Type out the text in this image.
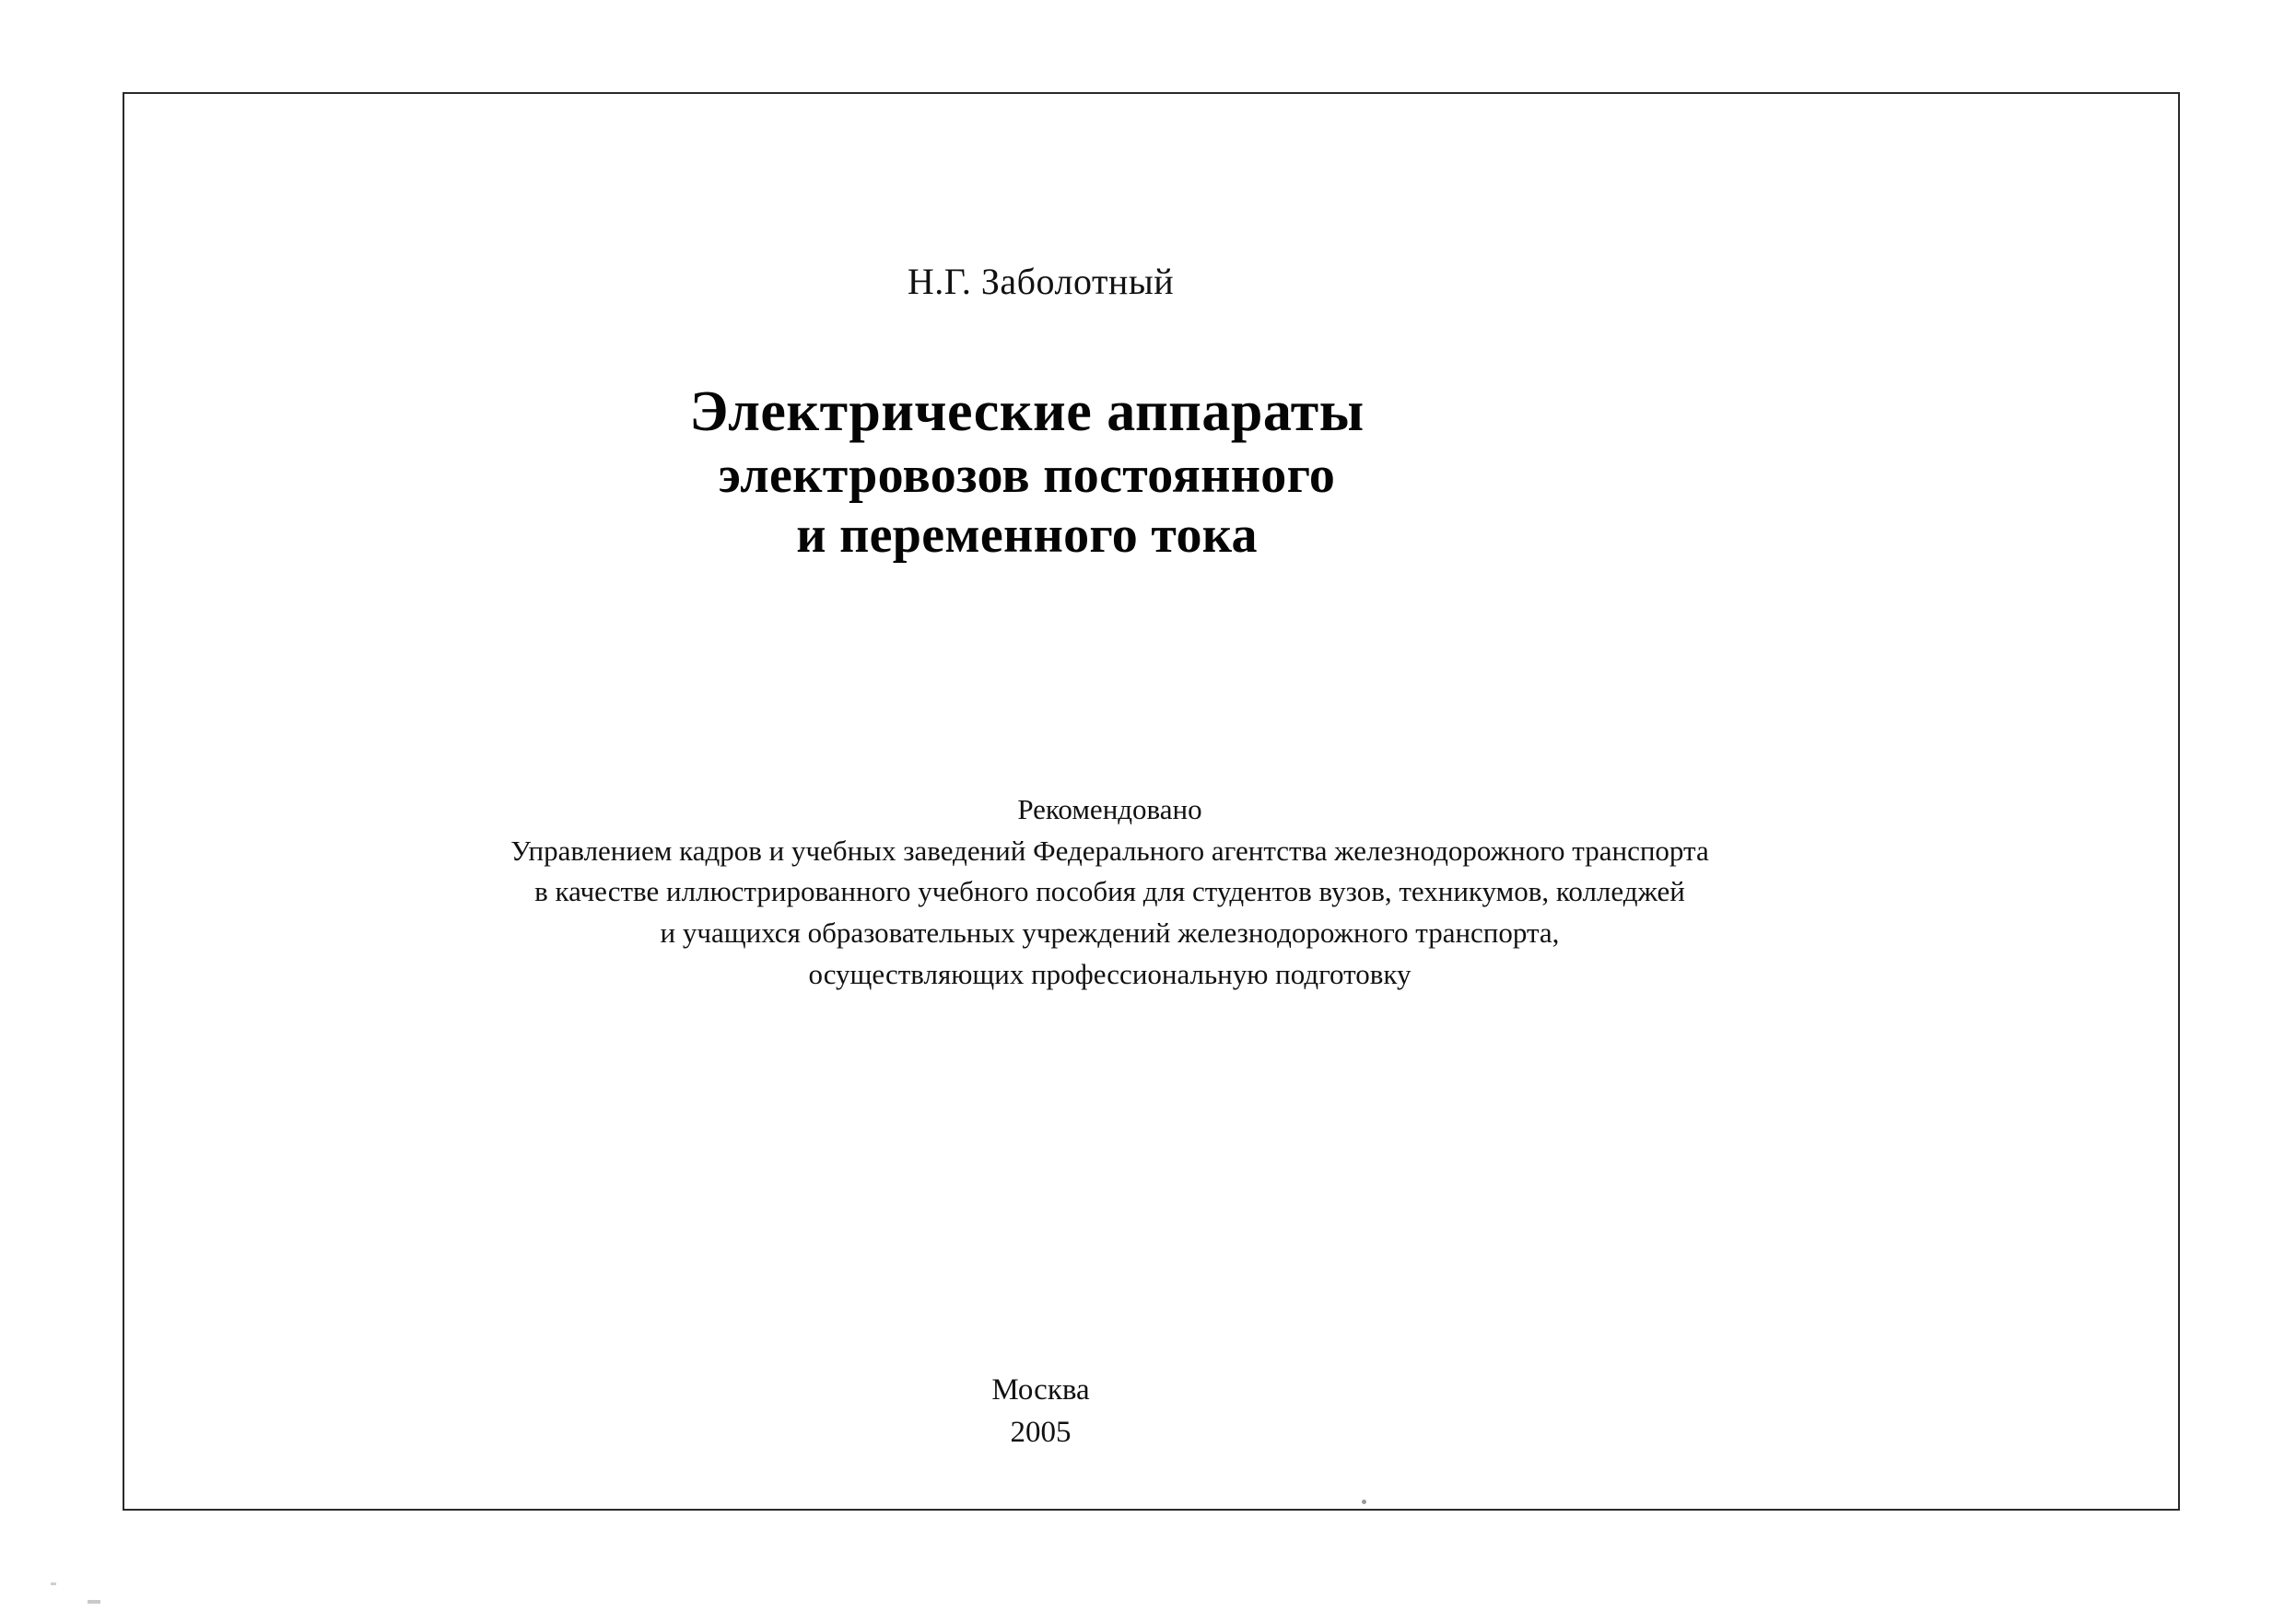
Н.Г. Заболотный
Электрические аппараты
электровозов постоянного
и переменного тока
Рекомендовано
Управлением кадров и учебных заведений Федерального агентства железнодорожного транспорта
в качестве иллюстрированного учебного пособия для студентов вузов, техникумов, колледжей
и учащихся образовательных учреждений железнодорожного транспорта,
осуществляющих профессиональную подготовку
Москва
2005
